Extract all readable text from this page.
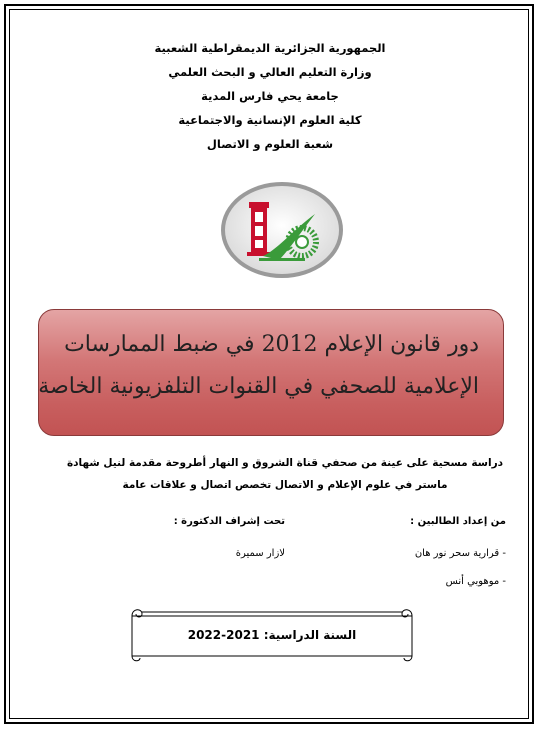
الجمهورية الجزائرية الديمقراطية الشعبية
وزارة التعليم العالي و البحث العلمي
جامعة يحي فارس المدية
كلية العلوم الإنسانية والاجتماعية
شعبة العلوم و الاتصال
دور قانون الإعلام 2012 في ضبط الممارسات
الإعلامية للصحفي في القنوات التلفزيونية الخاصة
دراسة مسحية على عينة من صحفي قناة الشروق و النهار أطروحة مقدمة لنيل شهادة
ماستر في علوم الإعلام و الاتصال تخصص اتصال و علاقات عامة
من إعداد الطالبين :
- قرارية سحر نور هان
- موهوبي أنس
تحت إشراف الدكتورة :
لازار سميرة
السنة الدراسية: 2021-2022
